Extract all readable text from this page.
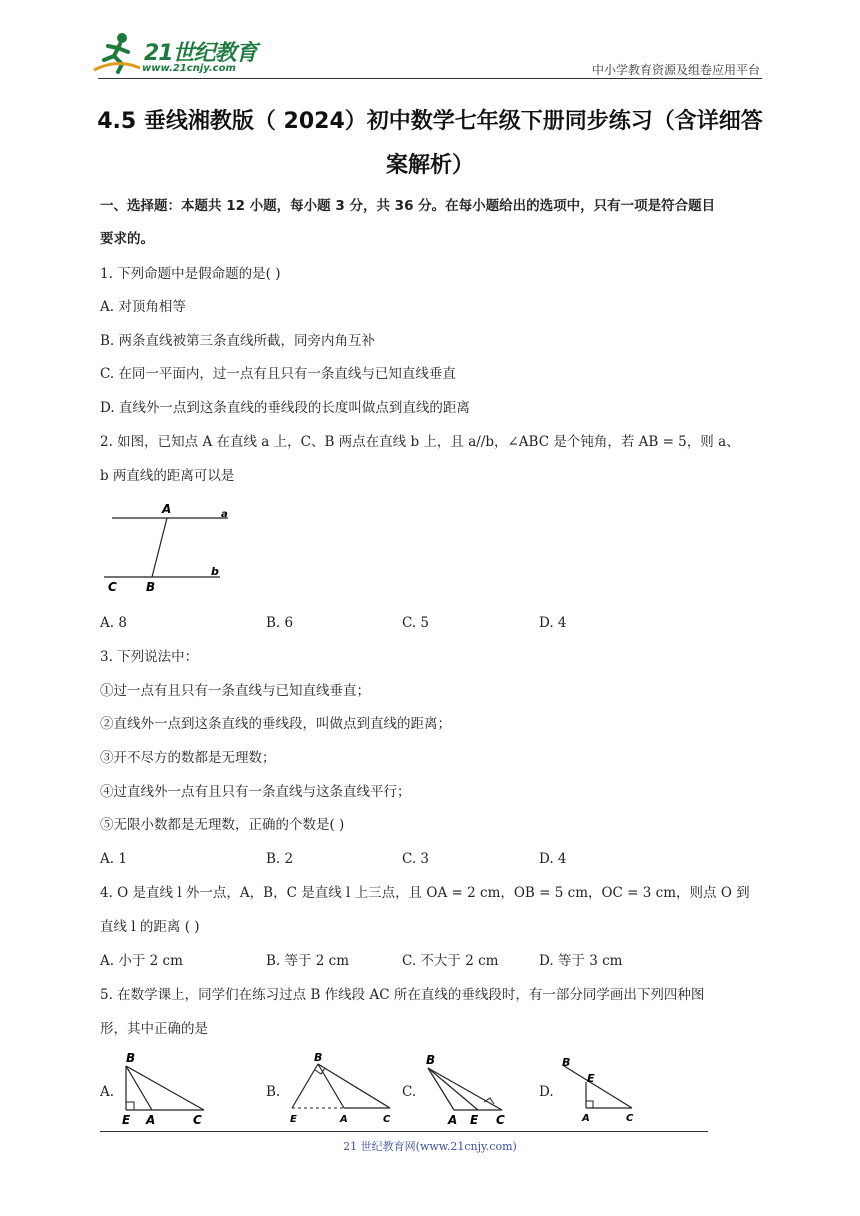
21世纪教育
www.21cnjy.com	中小学教育资源及组卷应用平台
4.5 垂线湘教版（ 2024）初中数学七年级下册同步练习（含详细答
案解析）
一、选择题：本题共 12 小题，每小题 3 分，共 36 分。在每小题给出的选项中，只有一项是符合题目
要求的。
1. 下列命题中是假命题的是( )
A. 对顶角相等
B. 两条直线被第三条直线所截，同旁内角互补
C. 在同一平面内，过一点有且只有一条直线与已知直线垂直
D. 直线外一点到这条直线的垂线段的长度叫做点到直线的距离
2. 如图，已知点 A 在直线 a 上，C、B 两点在直线 b 上，且 a//b，∠ABC 是个钝角，若 AB = 5，则 a、
b 两直线的距离可以是
A	a
C B
b
A. 8	B. 6	C. 5	D. 4
3. 下列说法中：
①过一点有且只有一条直线与已知直线垂直；
②直线外一点到这条直线的垂线段，叫做点到直线的距离；
③开不尽方的数都是无理数；
④过直线外一点有且只有一条直线与这条直线平行；
⑤无限小数都是无理数，正确的个数是( )
A. 1	B. 2	C. 3	D. 4
4. O 是直线 l 外一点，A，B，C 是直线 l 上三点，且 OA = 2 cm，OB = 5 cm，OC = 3 cm，则点 O 到
直线 l 的距离 ( )
A. 小于 2 cm	B. 等于 2 cm	C. 不大于 2 cm	D. 等于 3 cm
5. 在数学课上，同学们在练习过点 B 作线段 AC 所在直线的垂线段时，有一部分同学画出下列四种图
形，其中正确的是
A.
B
E A	C
B.
B
E	A	C
C.
B
A E C
D.
B
E
A	C
21 世纪教育网(www.21cnjy.com)
